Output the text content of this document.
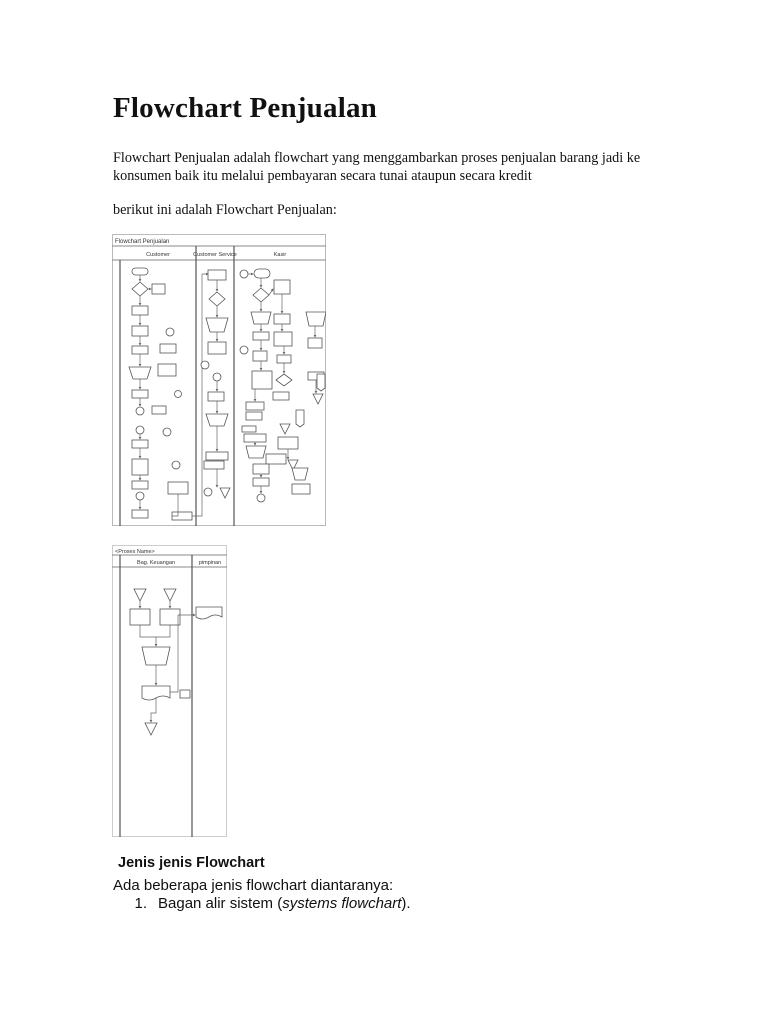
Flowchart Penjualan

Flowchart Penjualan adalah flowchart yang menggambarkan proses penjualan barang jadi ke konsumen baik itu melalui pembayaran secara tunai ataupun secara kredit

berikut ini adalah Flowchart Penjualan:

Flowchart Penjualan
Customer	Customer Service	Kasir
<Proses Name>
Bag. Keuangan	pimpinan
Jenis jenis Flowchart

Ada beberapa jenis flowchart diantaranya:

1. Bagan alir sistem (systems flowchart).
